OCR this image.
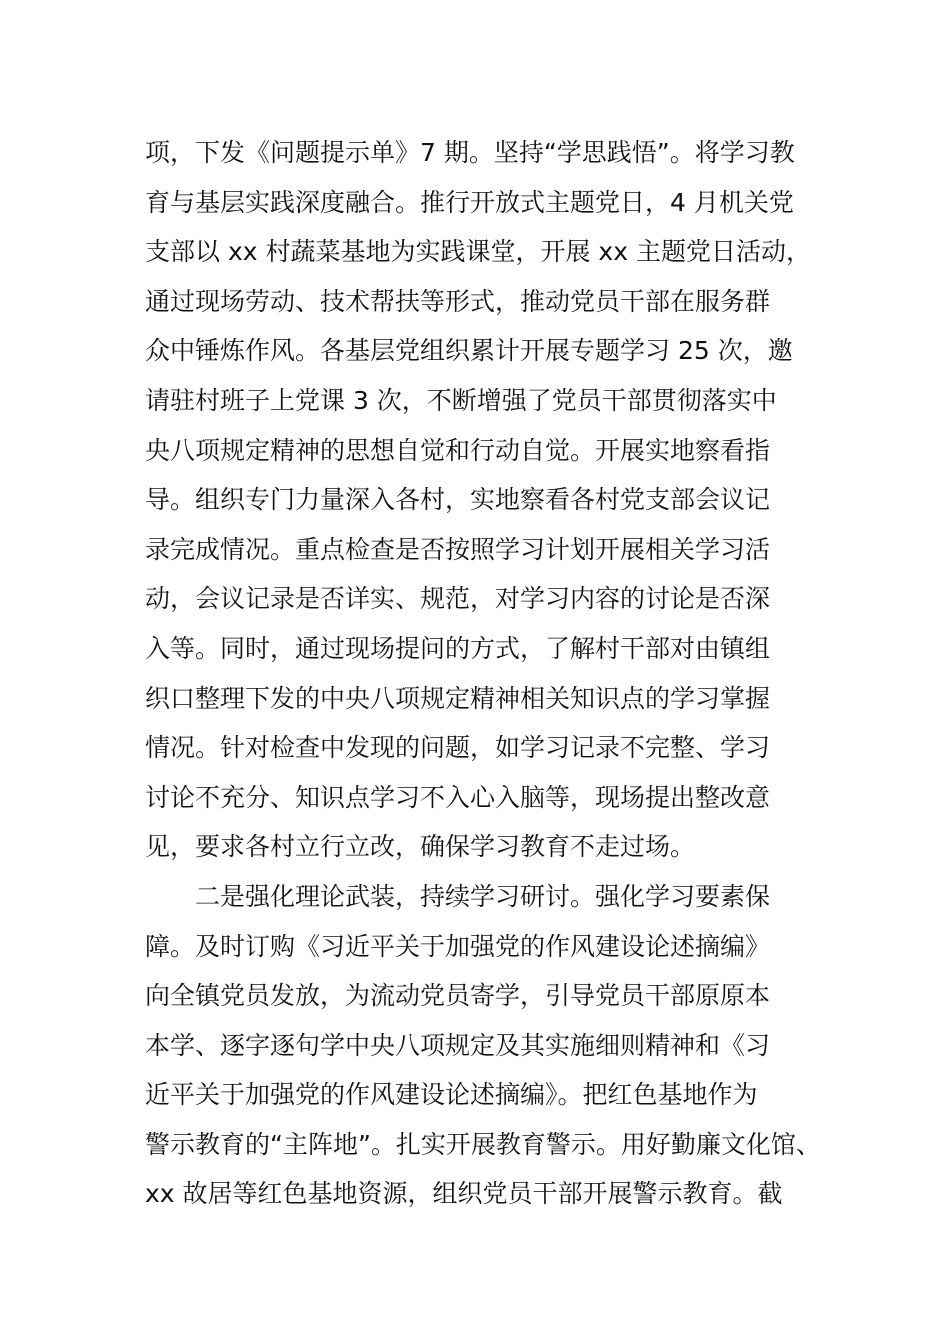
项，下发《问题提示单》7 期。坚持“学思践悟”。将学习教
育与基层实践深度融合。推行开放式主题党日，4 月机关党
支部以 xx 村蔬菜基地为实践课堂，开展 xx 主题党日活动，
通过现场劳动、技术帮扶等形式，推动党员干部在服务群
众中锤炼作风。各基层党组织累计开展专题学习 25 次，邀
请驻村班子上党课 3 次，不断增强了党员干部贯彻落实中
央八项规定精神的思想自觉和行动自觉。开展实地察看指
导。组织专门力量深入各村，实地察看各村党支部会议记
录完成情况。重点检查是否按照学习计划开展相关学习活
动，会议记录是否详实、规范，对学习内容的讨论是否深
入等。同时，通过现场提问的方式，了解村干部对由镇组
织口整理下发的中央八项规定精神相关知识点的学习掌握
情况。针对检查中发现的问题，如学习记录不完整、学习
讨论不充分、知识点学习不入心入脑等，现场提出整改意
见，要求各村立行立改，确保学习教育不走过场。
二是强化理论武装，持续学习研讨。强化学习要素保
障。及时订购《习近平关于加强党的作风建设论述摘编》
向全镇党员发放，为流动党员寄学，引导党员干部原原本
本学、逐字逐句学中央八项规定及其实施细则精神和《习
近平关于加强党的作风建设论述摘编》。把红色基地作为
警示教育的“主阵地”。扎实开展教育警示。用好勤廉文化馆、
xx 故居等红色基地资源，组织党员干部开展警示教育。截
